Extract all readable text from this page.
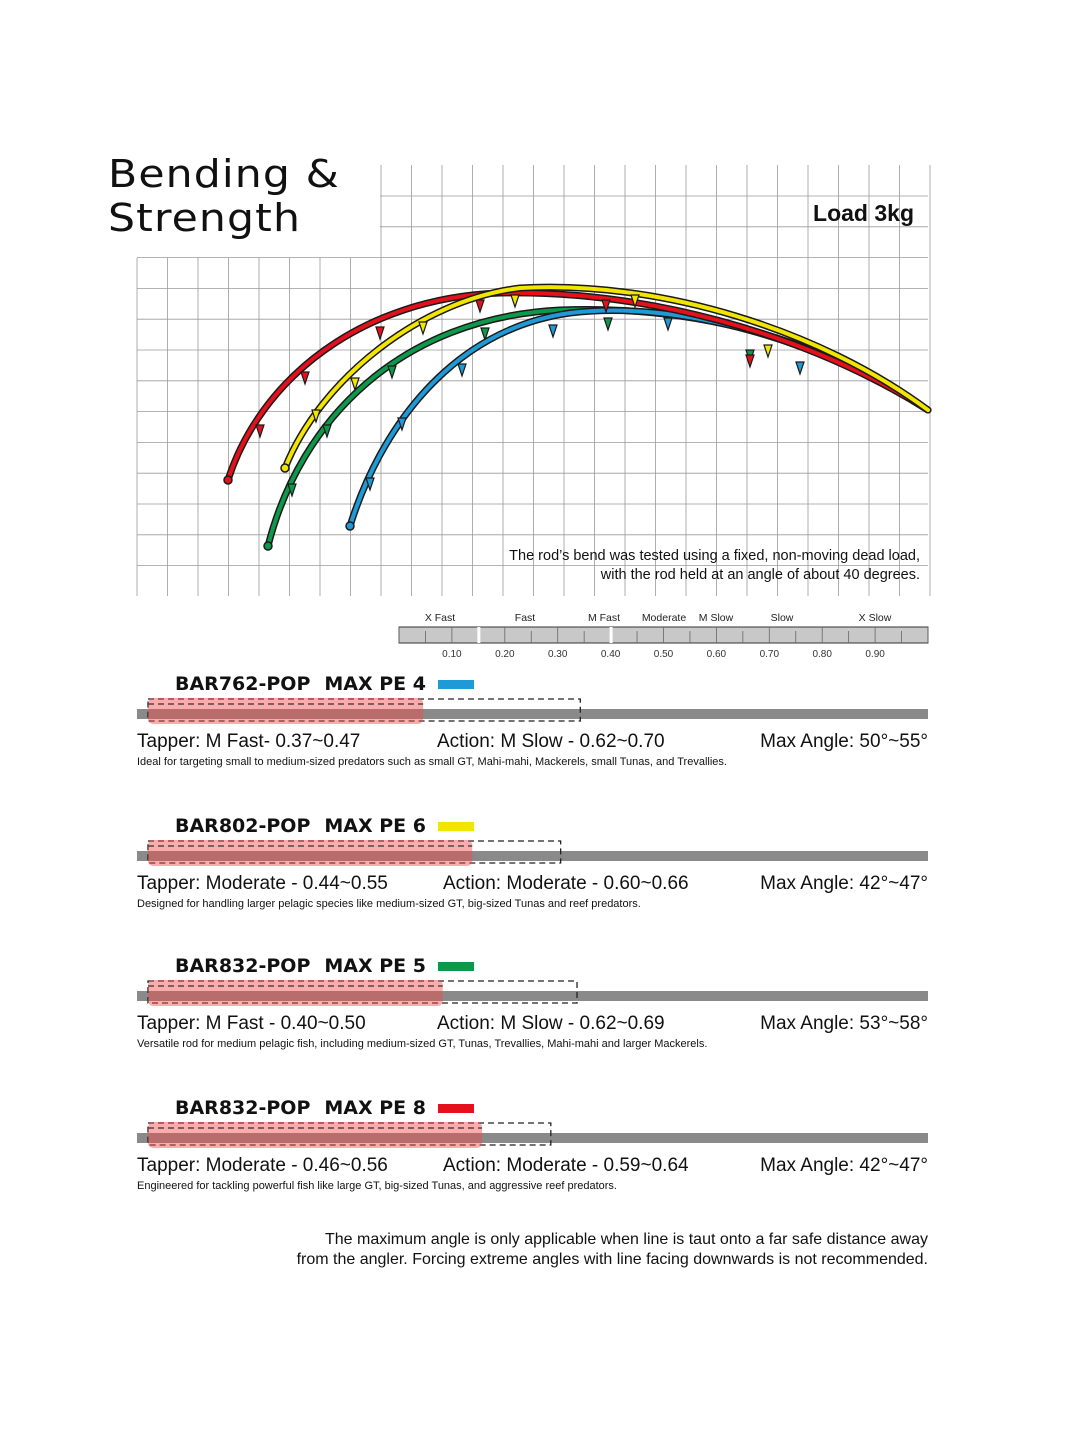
X Fast	Fast	M Fast Moderate M Slow	Slow	X Slow
0.10	0.20	0.30	0.40	0.50	0.60	0.70	0.80	0.90
Bending &
Strength	Load 3kg
The rod’s bend was tested using a fixed, non-moving dead load,
with the rod held at an angle of about 40 degrees.
BAR762-POP MAX PE 4
Tapper: M Fast- 0.37~0.47	Action: M Slow - 0.62~0.70	Max Angle: 50°~55°
Ideal for targeting small to medium-sized predators such as small GT, Mahi-mahi, Mackerels, small Tunas, and Trevallies.
BAR802-POP MAX PE 6
Tapper: Moderate - 0.44~0.55	Action: Moderate - 0.60~0.66	Max Angle: 42°~47°
Designed for handling larger pelagic species like medium-sized GT, big-sized Tunas and reef predators.
BAR832-POP MAX PE 5
Tapper: M Fast - 0.40~0.50	Action: M Slow - 0.62~0.69	Max Angle: 53°~58°
Versatile rod for medium pelagic fish, including medium-sized GT, Tunas, Trevallies, Mahi-mahi and larger Mackerels.
BAR832-POP MAX PE 8
Tapper: Moderate - 0.46~0.56	Action: Moderate - 0.59~0.64	Max Angle: 42°~47°
Engineered for tackling powerful fish like large GT, big-sized Tunas, and aggressive reef predators.
The maximum angle is only applicable when line is taut onto a far safe distance away
from the angler. Forcing extreme angles with line facing downwards is not recommended.
